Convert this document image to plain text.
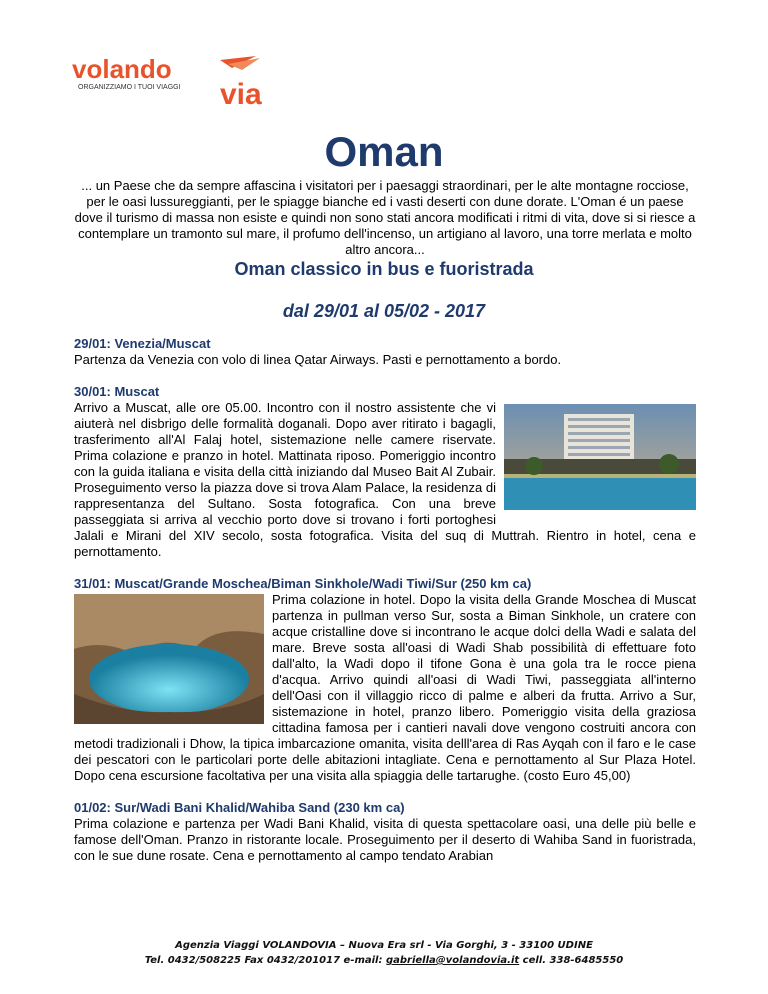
volando
ORGANIZZIAMO I TUOI VIAGGI via
Oman

... un Paese che da sempre affascina i visitatori per i paesaggi straordinari, per le alte montagne rocciose, per le oasi lussureggianti, per le spiagge bianche ed i vasti deserti con dune dorate. L'Oman é un paese dove il turismo di massa non esiste e quindi non sono stati ancora modificati i ritmi di vita, dove si si riesce a contemplare un tramonto sul mare, il profumo dell'incenso, un artigiano al lavoro, una torre merlata e molto altro ancora...

Oman classico in bus e fuoristrada
dal 29/01 al 05/02 - 2017
29/01: Venezia/Muscat

Partenza da Venezia con volo di linea Qatar Airways. Pasti e pernottamento a bordo.

30/01: Muscat

Arrivo a Muscat, alle ore 05.00. Incontro con il nostro assistente che vi aiuterà nel disbrigo delle formalità doganali. Dopo aver ritirato i bagagli, trasferimento all'Al Falaj hotel, sistemazione nelle camere riservate. Prima colazione e pranzo in hotel. Mattinata riposo. Pomeriggio incontro con la guida italiana e visita della città iniziando dal Museo Bait Al Zubair. Proseguimento verso la piazza dove si trova Alam Palace, la residenza di rappresentanza del Sultano. Sosta fotografica. Con una breve passeggiata si arriva al vecchio porto dove si trovano i forti portoghesi Jalali e Mirani del XIV secolo, sosta fotografica. Visita del suq di Muttrah. Rientro in hotel, cena e pernottamento.

31/01: Muscat/Grande Moschea/Biman Sinkhole/Wadi Tiwi/Sur (250 km ca)

Prima colazione in hotel. Dopo la visita della Grande Moschea di Muscat partenza in pullman verso Sur, sosta a Biman Sinkhole, un cratere con acque cristalline dove si incontrano le acque dolci della Wadi e salata del mare. Breve sosta all'oasi di Wadi Shab possibilità di effettuare foto dall'alto, la Wadi dopo il tifone Gona è una gola tra le rocce piena d'acqua. Arrivo quindi all'oasi di Wadi Tiwi, passeggiata all'interno dell'Oasi con il villaggio ricco di palme e alberi da frutta. Arrivo a Sur, sistemazione in hotel, pranzo libero. Pomeriggio visita della graziosa cittadina famosa per i cantieri navali dove vengono costruiti ancora con metodi tradizionali i Dhow, la tipica imbarcazione omanita, visita delll'area di Ras Ayqah con il faro e le case dei pescatori con le particolari porte delle abitazioni intagliate. Cena e pernottamento al Sur Plaza Hotel. Dopo cena escursione facoltativa per una visita alla spiaggia delle tartarughe. (costo Euro 45,00)

01/02: Sur/Wadi Bani Khalid/Wahiba Sand (230 km ca)

Prima colazione e partenza per Wadi Bani Khalid, visita di questa spettacolare oasi, una delle più belle e famose dell'Oman. Pranzo in ristorante locale. Proseguimento per il deserto di Wahiba Sand in fuoristrada, con le sue dune rosate. Cena e pernottamento al campo tendato Arabian

Agenzia Viaggi VOLANDOVIA – Nuova Era srl - Via Gorghi, 3 - 33100 UDINE
Tel. 0432/508225 Fax 0432/201017 e-mail: gabriella@volandovia.it cell. 338-6485550
